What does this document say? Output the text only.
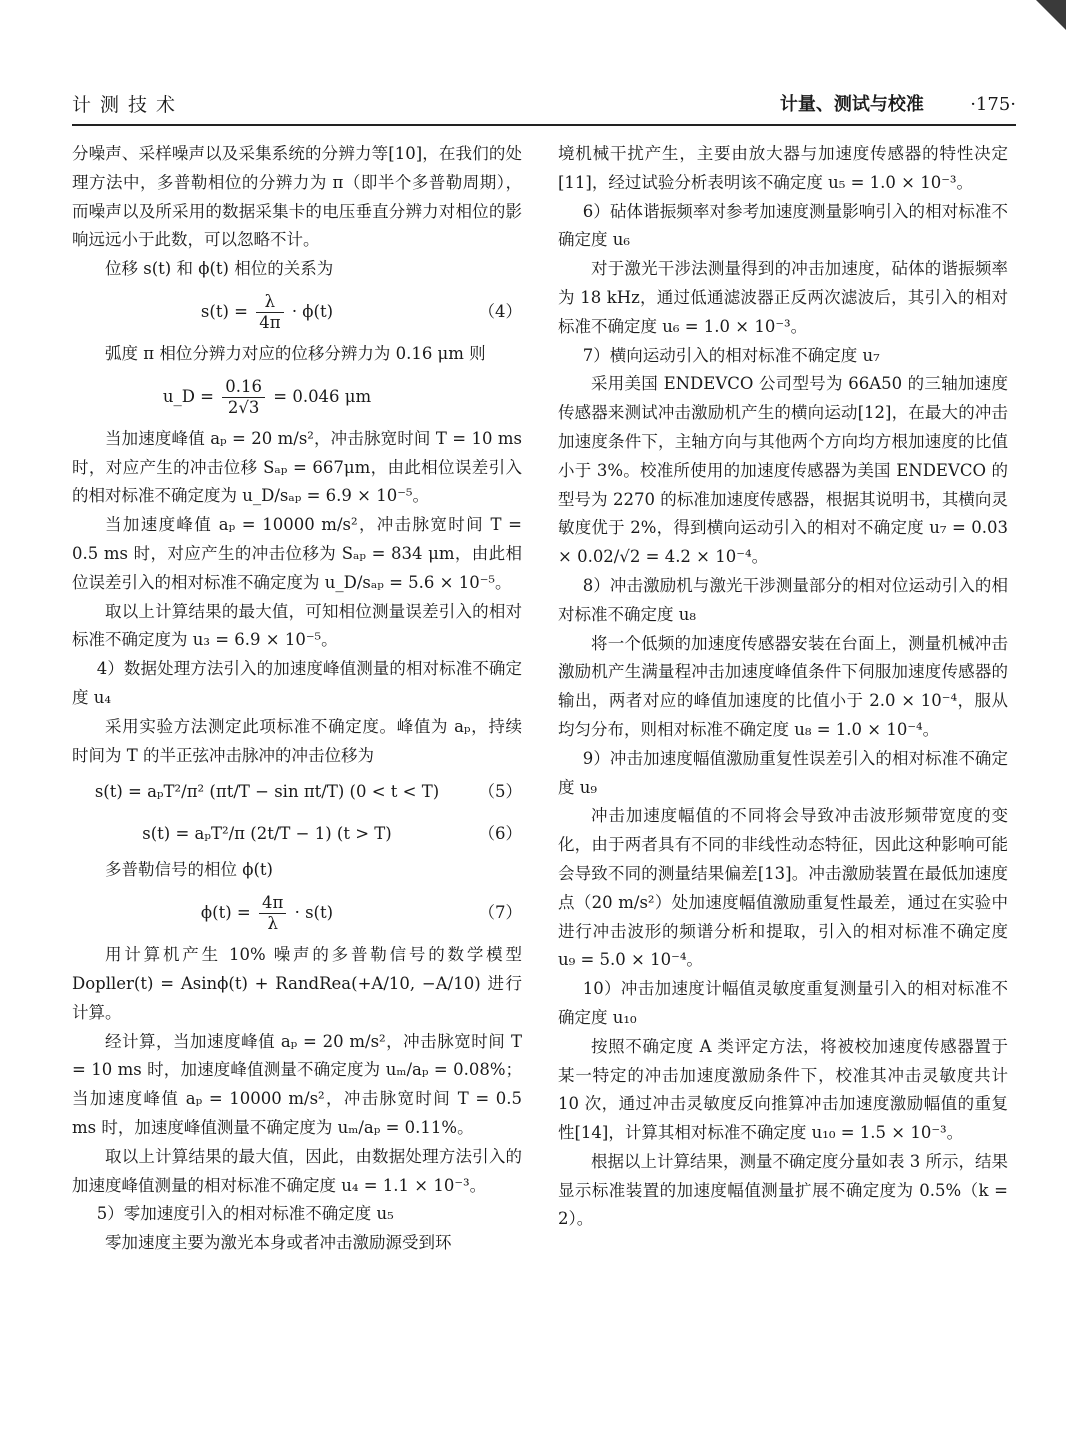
计测技术	计量、测试与校准	·175·

分噪声、采样噪声以及采集系统的分辨力等[10]，在我们的处理方法中，多普勒相位的分辨力为 π（即半个多普勒周期），而噪声以及所采用的数据采集卡的电压垂直分辨力对相位的影响远远小于此数，可以忽略不计。

位移 s(t) 和 ϕ(t) 相位的关系为

$s(t) = \frac{\lambda}{4\pi} \cdot \phi(t)$	（4）

弧度 π 相位分辨力对应的位移分辨力为 0.16 μm 则

u_D = $\frac{0.16}{2√3} = 0.046$ μm

当加速度峰值 aₚ = 20 m/s²，冲击脉宽时间 T = 10 ms 时，对应产生的冲击位移 Sₐₚ = 667μm，由此相位误差引入的相对标准不确定度为 u_D/sₐₚ = 6.9 × 10⁻⁵。

当加速度峰值 aₚ = 10000 m/s²，冲击脉宽时间 T = 0.5 ms 时，对应产生的冲击位移为 Sₐₚ = 834 μm，由此相位误差引入的相对标准不确定度为 u_D/sₐₚ = 5.6 × 10⁻⁵。

取以上计算结果的最大值，可知相位测量误差引入的相对标准不确定度为 u₃ = 6.9 × 10⁻⁵。

4）数据处理方法引入的加速度峰值测量的相对标准不确定度 u₄

采用实验方法测定此项标准不确定度。峰值为 aₚ，持续时间为 T 的半正弦冲击脉冲的冲击位移为

s(t) = aₚT²/π² (πt/T − sin πt/T) (0 < t < T)	（5）
s(t) = aₚT²/π (2t/T − 1) (t > T)	（6）

多普勒信号的相位 ϕ(t)

$\phi(t) = \frac{4\pi}{\lambda} \cdot s(t)$	（7）

用计算机产生 10% 噪声的多普勒信号的数学模型 Dopller(t) = Asinϕ(t) + RandRea(+A/10, −A/10) 进行计算。

经计算，当加速度峰值 aₚ = 20 m/s²，冲击脉宽时间 T = 10 ms 时，加速度峰值测量不确定度为 uₘ/aₚ = 0.08%；当加速度峰值 aₚ = 10000 m/s²，冲击脉宽时间 T = 0.5 ms 时，加速度峰值测量不确定度为 uₘ/aₚ = 0.11%。

取以上计算结果的最大值，因此，由数据处理方法引入的加速度峰值测量的相对标准不确定度 u₄ = 1.1 × 10⁻³。

5）零加速度引入的相对标准不确定度 u₅

零加速度主要为激光本身或者冲击激励源受到环

境机械干扰产生，主要由放大器与加速度传感器的特性决定[11]，经过试验分析表明该不确定度 u₅ = 1.0 × 10⁻³。

6）砧体谐振频率对参考加速度测量影响引入的相对标准不确定度 u₆

对于激光干涉法测量得到的冲击加速度，砧体的谐振频率为 18 kHz，通过低通滤波器正反两次滤波后，其引入的相对标准不确定度 u₆ = 1.0 × 10⁻³。

7）横向运动引入的相对标准不确定度 u₇

采用美国 ENDEVCO 公司型号为 66A50 的三轴加速度传感器来测试冲击激励机产生的横向运动[12]，在最大的冲击加速度条件下，主轴方向与其他两个方向均方根加速度的比值小于 3%。校准所使用的加速度传感器为美国 ENDEVCO 的型号为 2270 的标准加速度传感器，根据其说明书，其横向灵敏度优于 2%，得到横向运动引入的相对不确定度 u₇ = 0.03 × 0.02/√2 = 4.2 × 10⁻⁴。

8）冲击激励机与激光干涉测量部分的相对位运动引入的相对标准不确定度 u₈

将一个低频的加速度传感器安装在台面上，测量机械冲击激励机产生满量程冲击加速度峰值条件下伺服加速度传感器的输出，两者对应的峰值加速度的比值小于 2.0 × 10⁻⁴，服从均匀分布，则相对标准不确定度 u₈ = 1.0 × 10⁻⁴。

9）冲击加速度幅值激励重复性误差引入的相对标准不确定度 u₉

冲击加速度幅值的不同将会导致冲击波形频带宽度的变化，由于两者具有不同的非线性动态特征，因此这种影响可能会导致不同的测量结果偏差[13]。冲击激励装置在最低加速度点（20 m/s²）处加速度幅值激励重复性最差，通过在实验中进行冲击波形的频谱分析和提取，引入的相对标准不确定度 u₉ = 5.0 × 10⁻⁴。

10）冲击加速度计幅值灵敏度重复测量引入的相对标准不确定度 u₁₀

按照不确定度 A 类评定方法，将被校加速度传感器置于某一特定的冲击加速度激励条件下，校准其冲击灵敏度共计 10 次，通过冲击灵敏度反向推算冲击加速度激励幅值的重复性[14]，计算其相对标准不确定度 u₁₀ = 1.5 × 10⁻³。

根据以上计算结果，测量不确定度分量如表 3 所示，结果显示标准装置的加速度幅值测量扩展不确定度为 0.5%（k = 2）。
